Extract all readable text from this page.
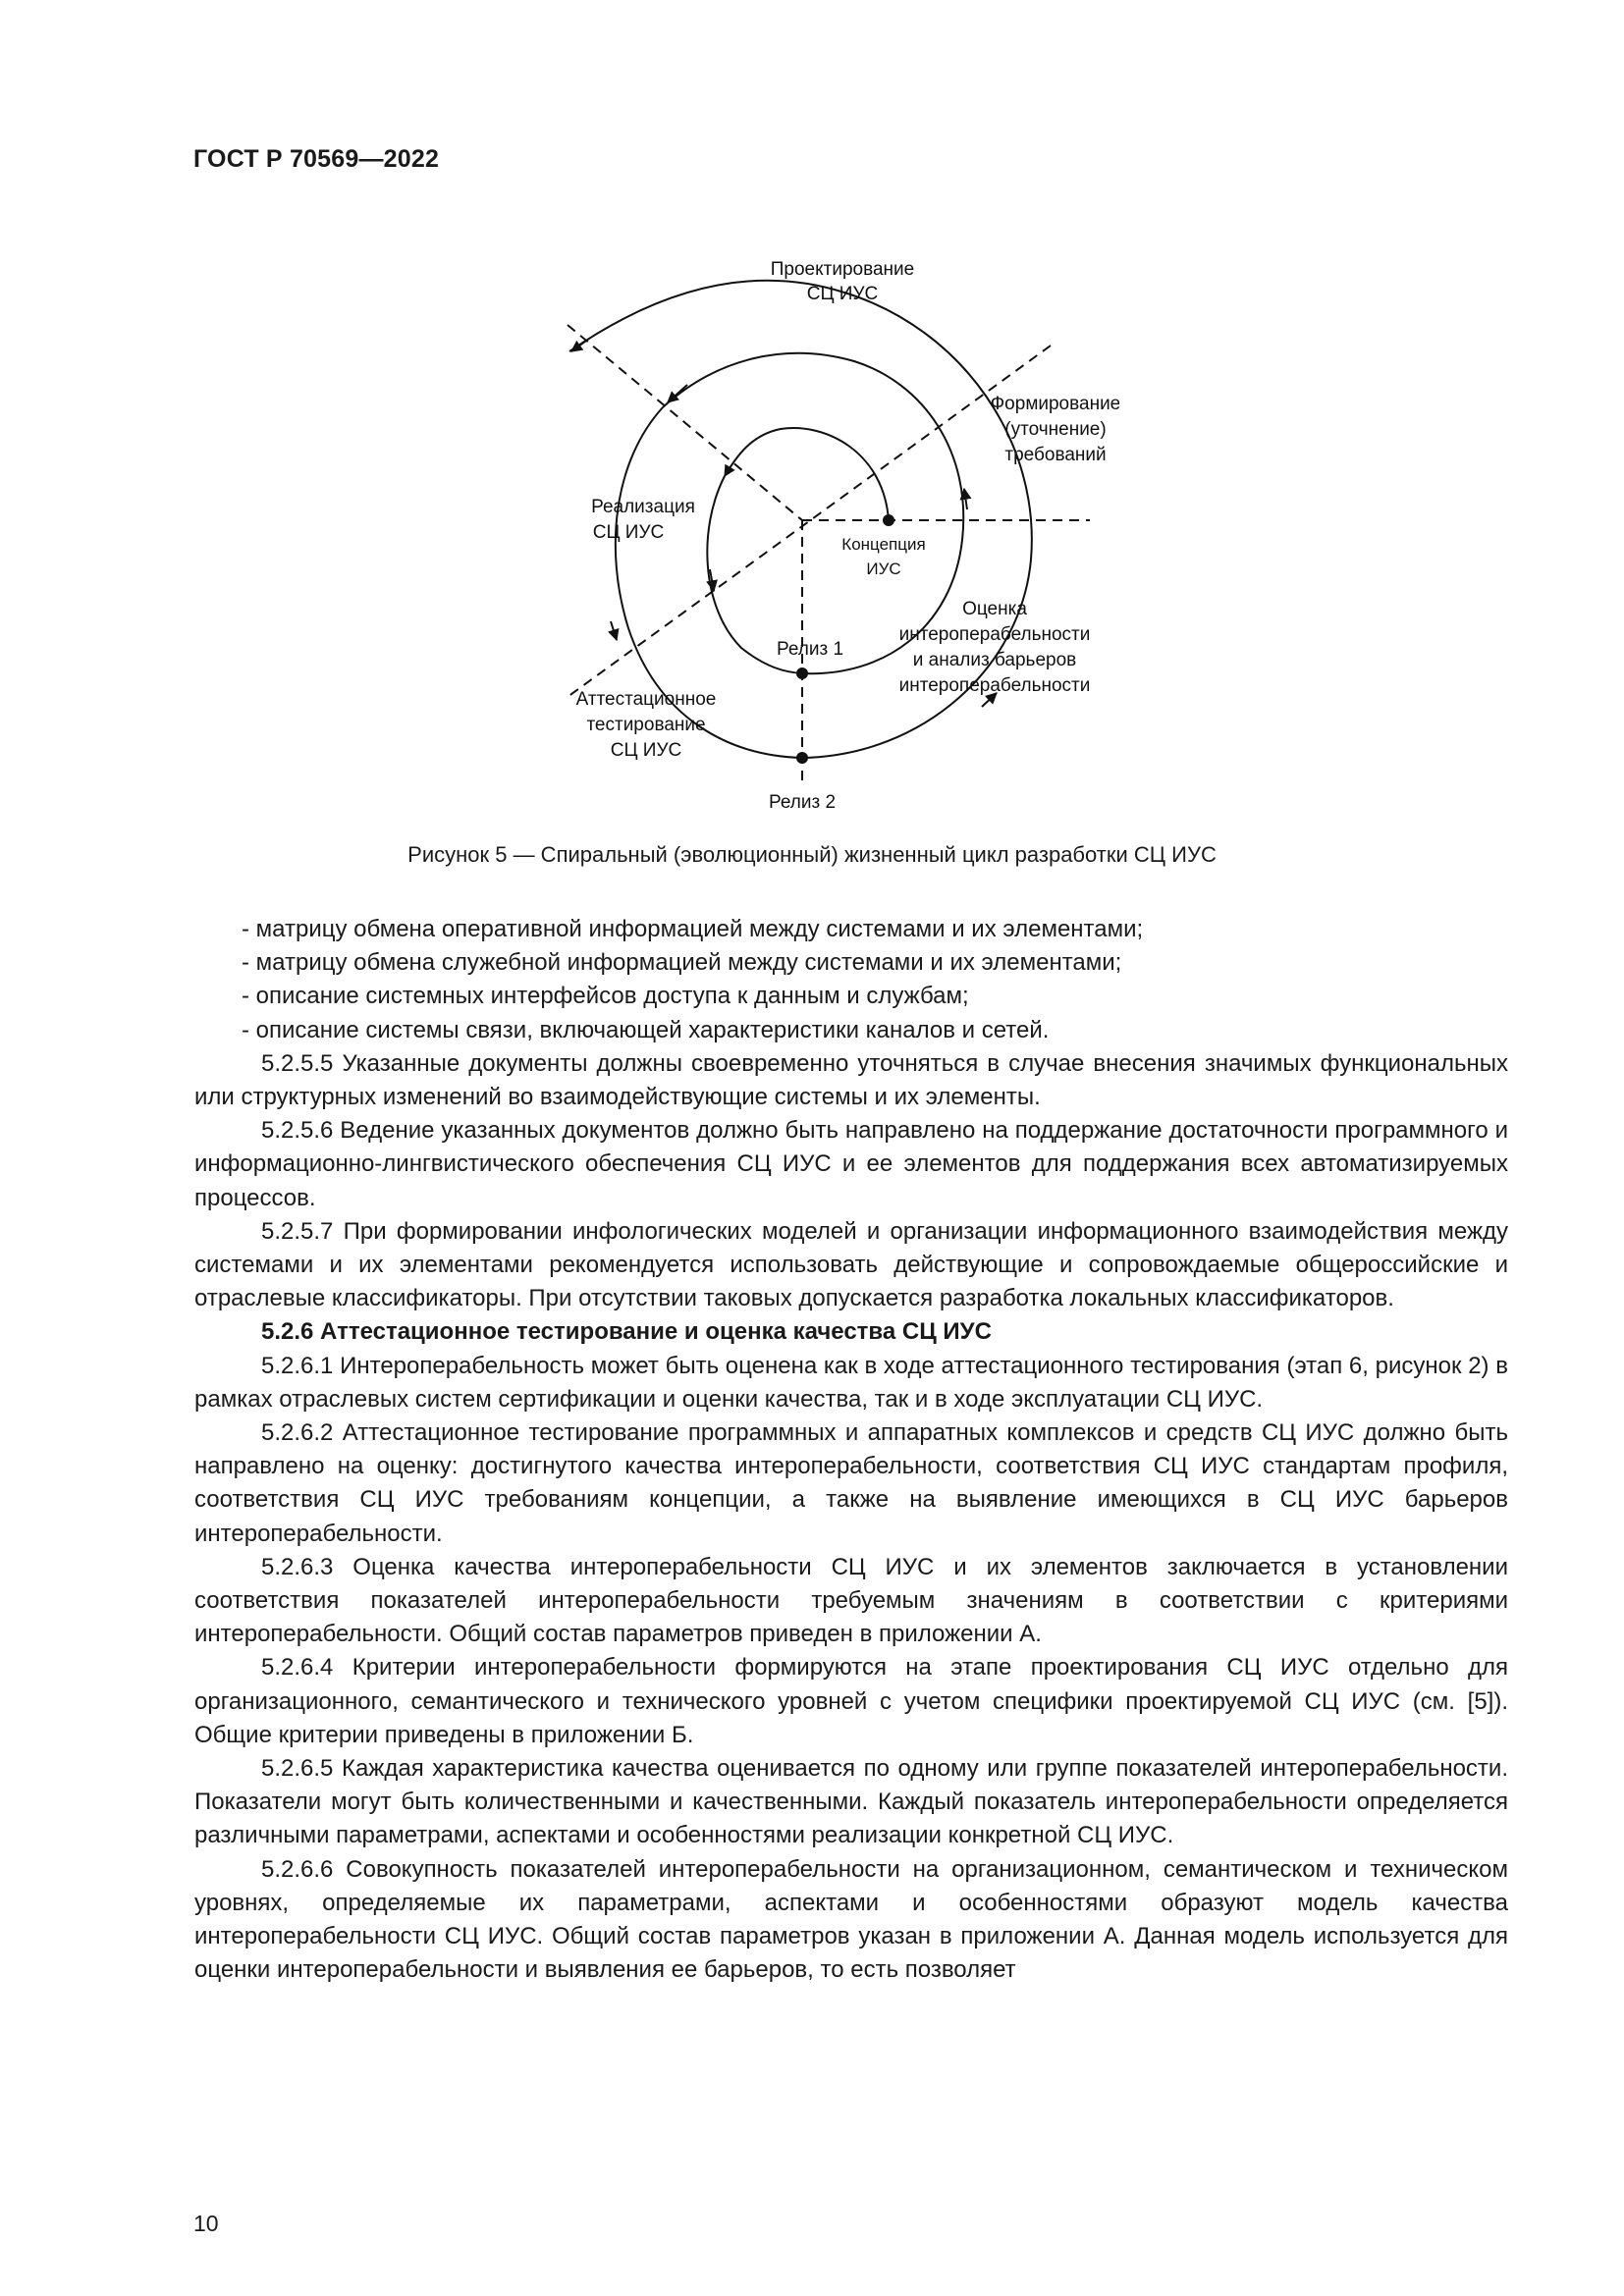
ГОСТ Р 70569—2022
Проектирование
СЦ ИУС
Формирование
(уточнение)
требований
Реализация
СЦ ИУС
Концепция
ИУС
Оценка
интероперабельности
и анализ барьеров
интероперабельности
Релиз 1
Аттестационное
тестирование
СЦ ИУС
Релиз 2
Рисунок 5 — Спиральный (эволюционный) жизненный цикл разработки СЦ ИУС

- матрицу обмена оперативной информацией между системами и их элементами;

- матрицу обмена служебной информацией между системами и их элементами;

- описание системных интерфейсов доступа к данным и службам;

- описание системы связи, включающей характеристики каналов и сетей.

5.2.5.5 Указанные документы должны своевременно уточняться в случае внесения значимых функциональных или структурных изменений во взаимодействующие системы и их элементы.

5.2.5.6 Ведение указанных документов должно быть направлено на поддержание достаточности программного и информационно-лингвистического обеспечения СЦ ИУС и ее элементов для поддержания всех автоматизируемых процессов.

5.2.5.7 При формировании инфологических моделей и организации информационного взаимодействия между системами и их элементами рекомендуется использовать действующие и сопровождаемые общероссийские и отраслевые классификаторы. При отсутствии таковых допускается разработка локальных классификаторов.

5.2.6 Аттестационное тестирование и оценка качества СЦ ИУС

5.2.6.1 Интероперабельность может быть оценена как в ходе аттестационного тестирования (этап 6, рисунок 2) в рамках отраслевых систем сертификации и оценки качества, так и в ходе эксплуатации СЦ ИУС.

5.2.6.2 Аттестационное тестирование программных и аппаратных комплексов и средств СЦ ИУС должно быть направлено на оценку: достигнутого качества интероперабельности, соответствия СЦ ИУС стандартам профиля, соответствия СЦ ИУС требованиям концепции, а также на выявление имеющихся в СЦ ИУС барьеров интероперабельности.

5.2.6.3 Оценка качества интероперабельности СЦ ИУС и их элементов заключается в установлении соответствия показателей интероперабельности требуемым значениям в соответствии с критериями интероперабельности. Общий состав параметров приведен в приложении А.

5.2.6.4 Критерии интероперабельности формируются на этапе проектирования СЦ ИУС отдельно для организационного, семантического и технического уровней с учетом специфики проектируемой СЦ ИУС (см. [5]). Общие критерии приведены в приложении Б.

5.2.6.5 Каждая характеристика качества оценивается по одному или группе показателей интероперабельности. Показатели могут быть количественными и качественными. Каждый показатель интероперабельности определяется различными параметрами, аспектами и особенностями реализации конкретной СЦ ИУС.

5.2.6.6 Совокупность показателей интероперабельности на организационном, семантическом и техническом уровнях, определяемые их параметрами, аспектами и особенностями образуют модель качества интероперабельности СЦ ИУС. Общий состав параметров указан в приложении А. Данная модель используется для оценки интероперабельности и выявления ее барьеров, то есть позволяет

10
